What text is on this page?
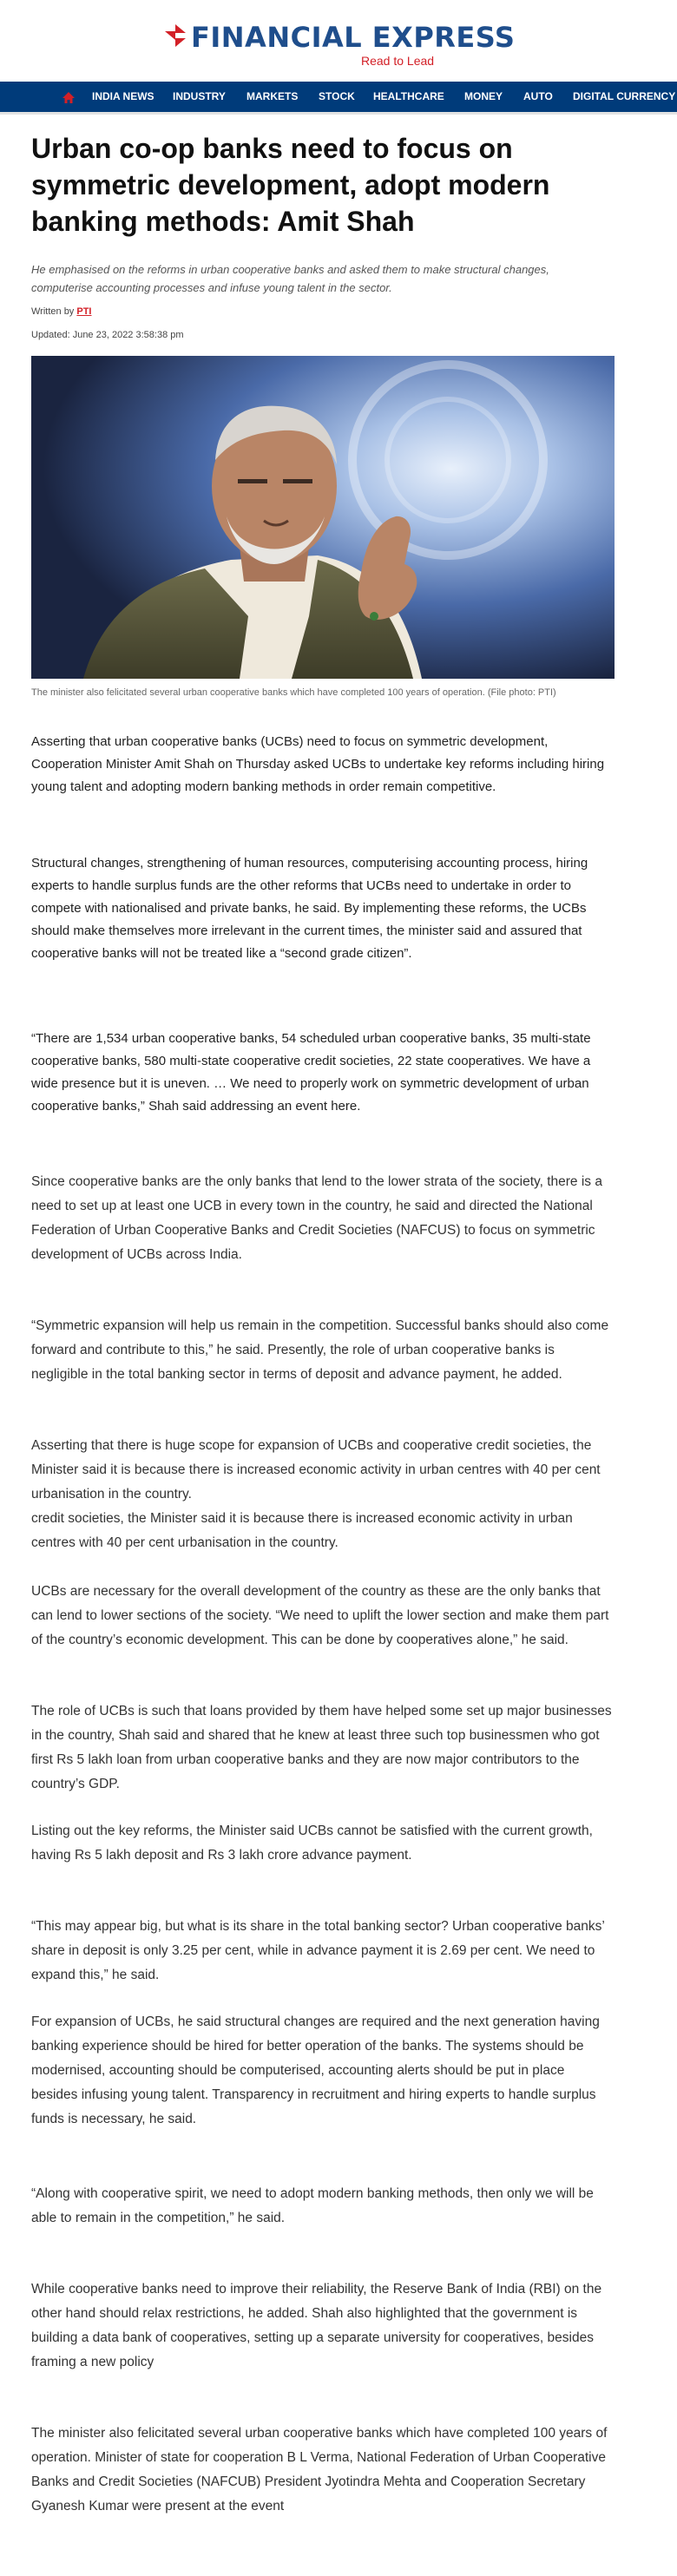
FINANCIAL EXPRESS
Read to Lead
INDIA NEWS INDUSTRY MARKETS STOCK HEALTHCARE MONEY AUTO DIGITAL CURRENCY
Urban co-op banks need to focus on symmetric development, adopt modern banking methods: Amit Shah

He emphasised on the reforms in urban cooperative banks and asked them to make structural changes, computerise accounting processes and infuse young talent in the sector.

Written by PTI
Updated: June 23, 2022 3:58:38 pm
The minister also felicitated several urban cooperative banks which have completed 100 years of operation. (File photo: PTI)

Asserting that urban cooperative banks (UCBs) need to focus on symmetric development, Cooperation Minister Amit Shah on Thursday asked UCBs to undertake key reforms including hiring young talent and adopting modern banking methods in order remain competitive.

Structural changes, strengthening of human resources, computerising accounting process, hiring experts to handle surplus funds are the other reforms that UCBs need to undertake in order to compete with nationalised and private banks, he said. By implementing these reforms, the UCBs should make themselves more irrelevant in the current times, the minister said and assured that cooperative banks will not be treated like a “second grade citizen”.

“There are 1,534 urban cooperative banks, 54 scheduled urban cooperative banks, 35 multi-state cooperative banks, 580 multi-state cooperative credit societies, 22 state cooperatives. We have a wide presence but it is uneven. … We need to properly work on symmetric development of urban cooperative banks,” Shah said addressing an event here.

Since cooperative banks are the only banks that lend to the lower strata of the society, there is a need to set up at least one UCB in every town in the country, he said and directed the National Federation of Urban Cooperative Banks and Credit Societies (NAFCUS) to focus on symmetric development of UCBs across India.

“Symmetric expansion will help us remain in the competition. Successful banks should also come forward and contribute to this,” he said. Presently, the role of urban cooperative banks is negligible in the total banking sector in terms of deposit and advance payment, he added.

Asserting that there is huge scope for expansion of UCBs and cooperative credit societies, the Minister said it is because there is increased economic activity in urban centres with 40 per cent urbanisation in the country.
credit societies, the Minister said it is because there is increased economic activity in urban centres with 40 per cent urbanisation in the country.

UCBs are necessary for the overall development of the country as these are the only banks that can lend to lower sections of the society. “We need to uplift the lower section and make them part of the country’s economic development. This can be done by cooperatives alone,” he said.

The role of UCBs is such that loans provided by them have helped some set up major businesses in the country, Shah said and shared that he knew at least three such top businessmen who got first Rs 5 lakh loan from urban cooperative banks and they are now major contributors to the country’s GDP.

Listing out the key reforms, the Minister said UCBs cannot be satisfied with the current growth, having Rs 5 lakh deposit and Rs 3 lakh crore advance payment.

“This may appear big, but what is its share in the total banking sector? Urban cooperative banks’ share in deposit is only 3.25 per cent, while in advance payment it is 2.69 per cent. We need to expand this,” he said.

For expansion of UCBs, he said structural changes are required and the next generation having banking experience should be hired for better operation of the banks. The systems should be modernised, accounting should be computerised, accounting alerts should be put in place besides infusing young talent. Transparency in recruitment and hiring experts to handle surplus funds is necessary, he said.

“Along with cooperative spirit, we need to adopt modern banking methods, then only we will be able to remain in the competition,” he said.

While cooperative banks need to improve their reliability, the Reserve Bank of India (RBI) on the other hand should relax restrictions, he added. Shah also highlighted that the government is building a data bank of cooperatives, setting up a separate university for cooperatives, besides framing a new policy

The minister also felicitated several urban cooperative banks which have completed 100 years of operation. Minister of state for cooperation B L Verma, National Federation of Urban Cooperative Banks and Credit Societies (NAFCUB) President Jyotindra Mehta and Cooperation Secretary Gyanesh Kumar were present at the event
